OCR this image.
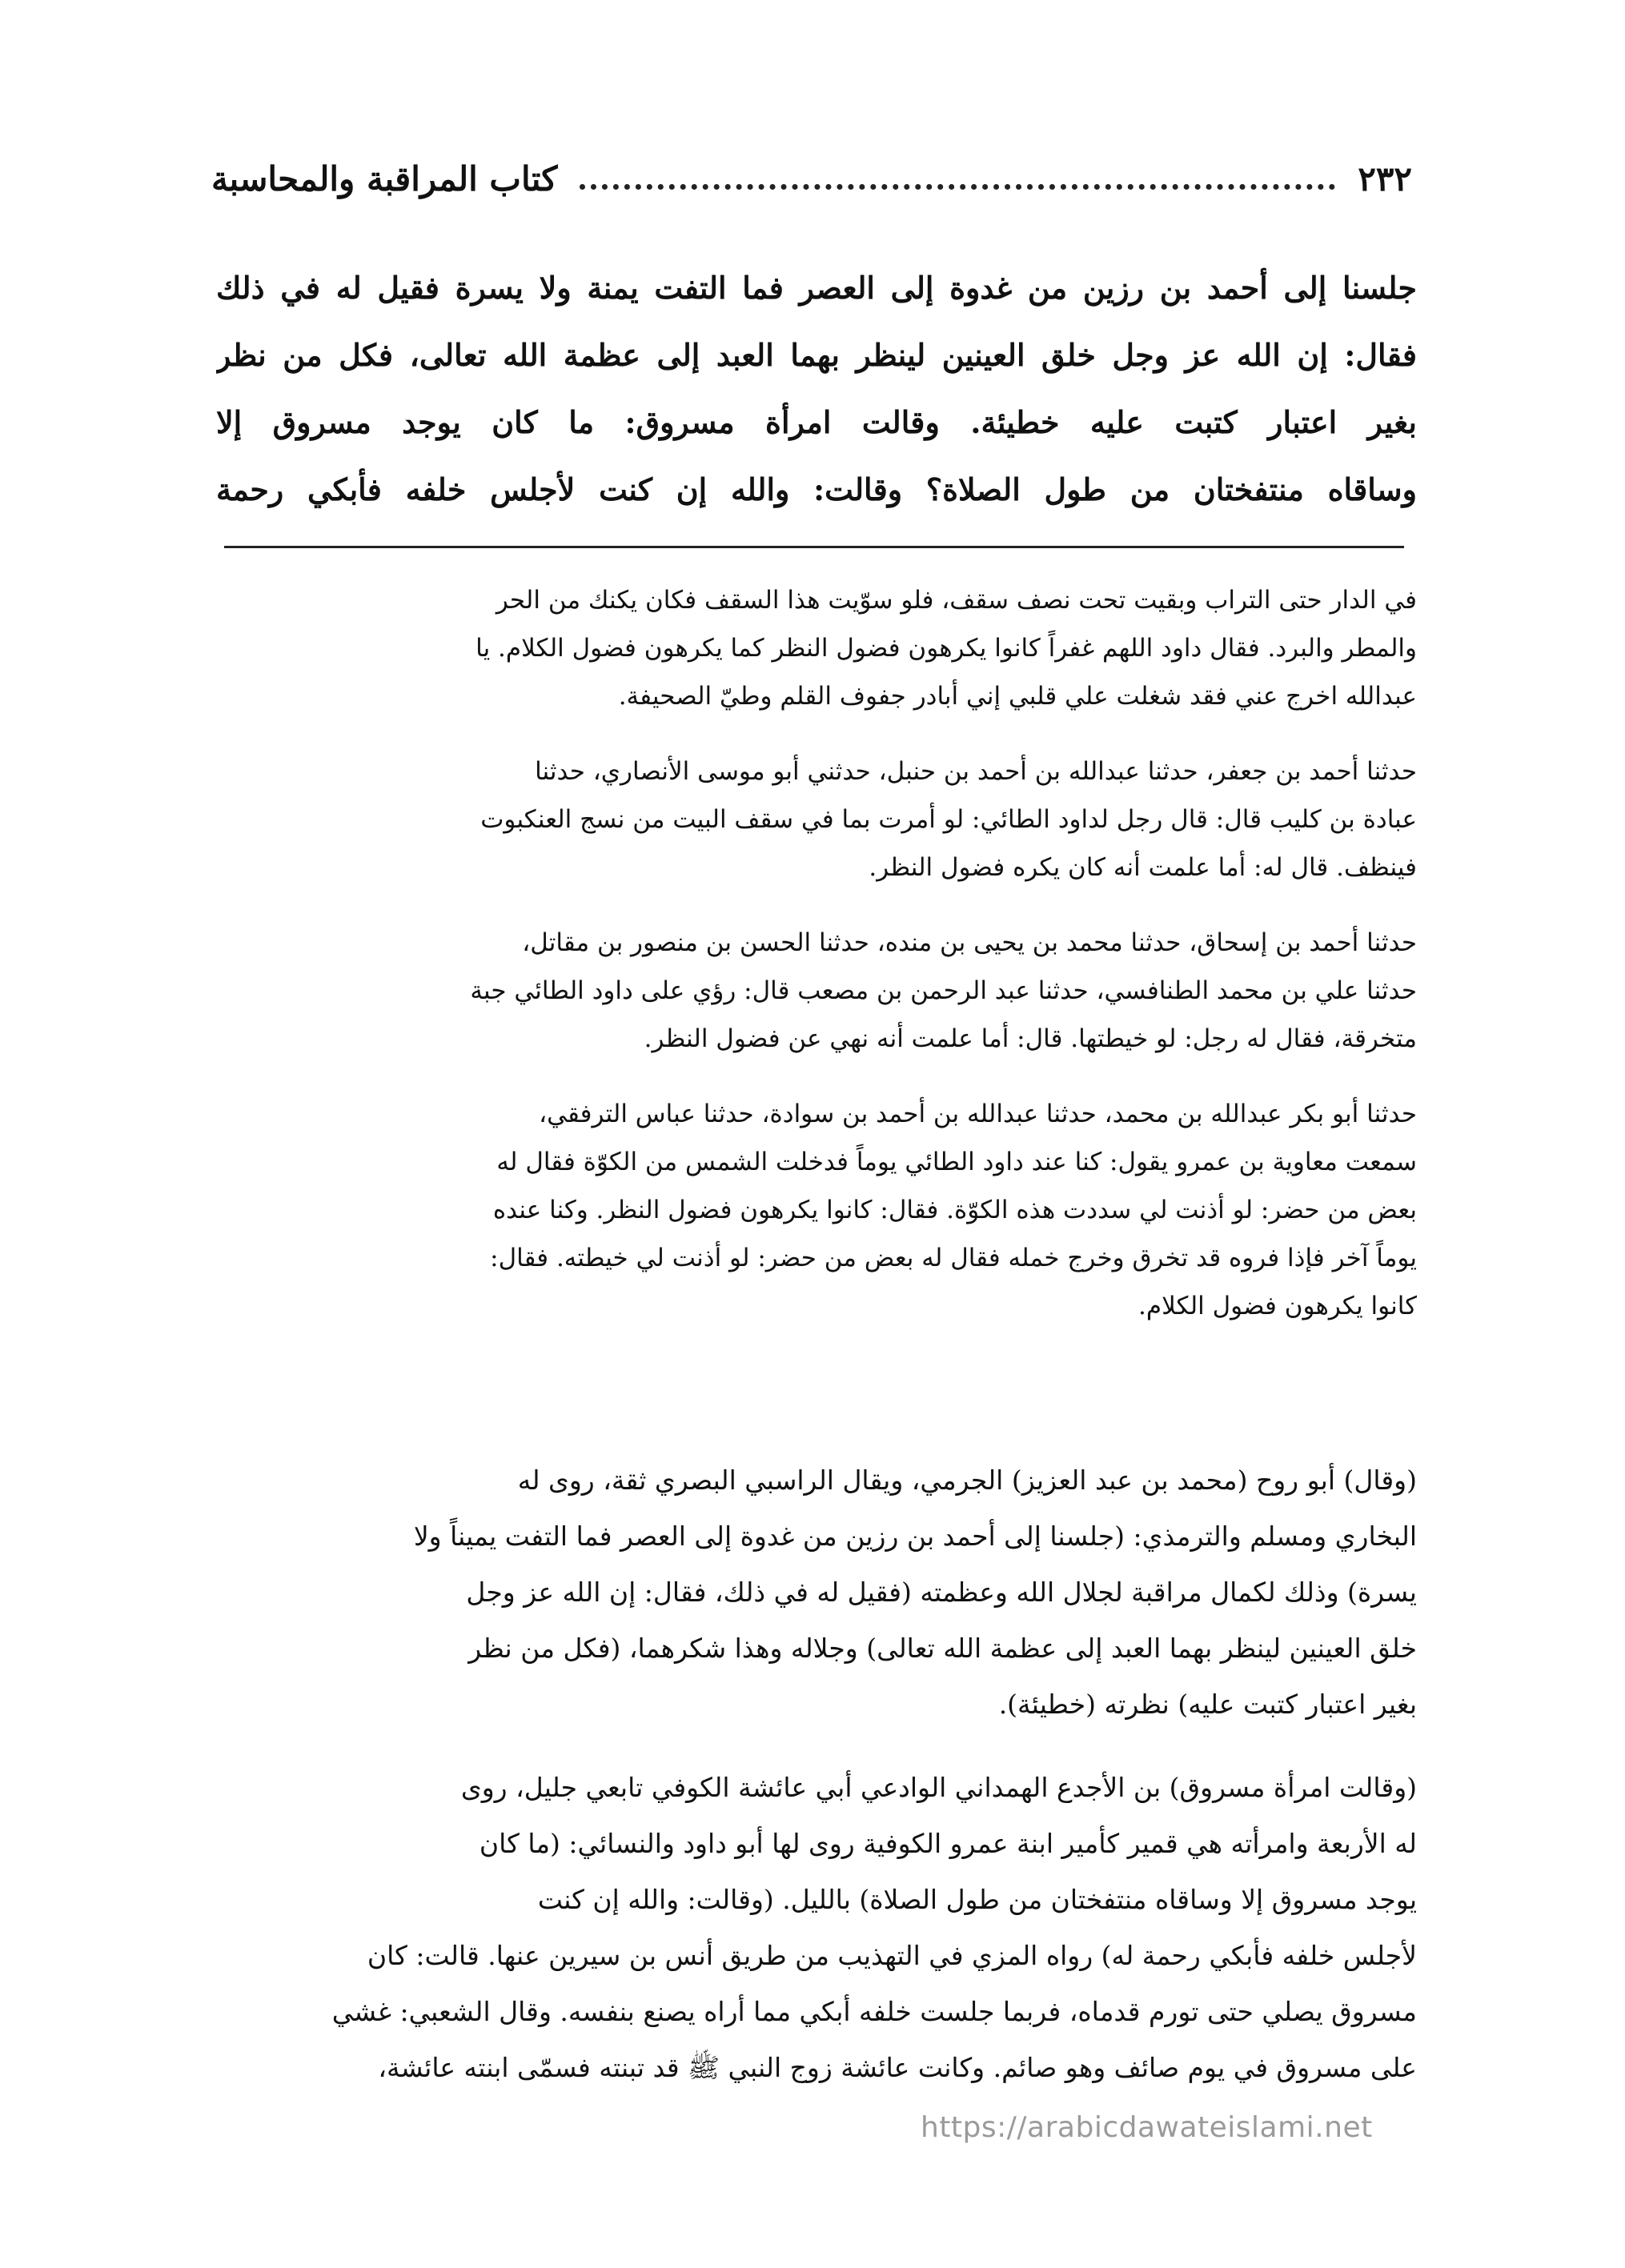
٢٣٢
كتاب المراقبة والمحاسبة

جلسنا إلى أحمد بن رزين من غدوة إلى العصر فما التفت يمنة ولا يسرة فقيل له في ذلك

فقال: إن الله عز وجل خلق العينين لينظر بهما العبد إلى عظمة الله تعالى، فكل من نظر

بغير اعتبار كتبت عليه خطيئة. وقالت امرأة مسروق: ما كان يوجد مسروق إلا

وساقاه منتفختان من طول الصلاة؟ وقالت: والله إن كنت لأجلس خلفه فأبكي رحمة

في الدار حتى التراب وبقيت تحت نصف سقف، فلو سوّيت هذا السقف فكان يكنك من الحر

والمطر والبرد. فقال داود اللهم غفراً كانوا يكرهون فضول النظر كما يكرهون فضول الكلام. يا

عبدالله اخرج عني فقد شغلت علي قلبي إني أبادر جفوف القلم وطيّ الصحيفة.

حدثنا أحمد بن جعفر، حدثنا عبدالله بن أحمد بن حنبل، حدثني أبو موسى الأنصاري، حدثنا

عبادة بن كليب قال: قال رجل لداود الطائي: لو أمرت بما في سقف البيت من نسج العنكبوت

فينظف. قال له: أما علمت أنه كان يكره فضول النظر.

حدثنا أحمد بن إسحاق، حدثنا محمد بن يحيى بن منده، حدثنا الحسن بن منصور بن مقاتل،

حدثنا علي بن محمد الطنافسي، حدثنا عبد الرحمن بن مصعب قال: رؤي على داود الطائي جبة

متخرقة، فقال له رجل: لو خيطتها. قال: أما علمت أنه نهي عن فضول النظر.

حدثنا أبو بكر عبدالله بن محمد، حدثنا عبدالله بن أحمد بن سوادة، حدثنا عباس الترفقي،

سمعت معاوية بن عمرو يقول: كنا عند داود الطائي يوماً فدخلت الشمس من الكوّة فقال له

بعض من حضر: لو أذنت لي سددت هذه الكوّة. فقال: كانوا يكرهون فضول النظر. وكنا عنده

يوماً آخر فإذا فروه قد تخرق وخرج خمله فقال له بعض من حضر: لو أذنت لي خيطته. فقال:

كانوا يكرهون فضول الكلام.

(وقال) أبو روح (محمد بن عبد العزيز) الجرمي، ويقال الراسبي البصري ثقة، روى له

البخاري ومسلم والترمذي: (جلسنا إلى أحمد بن رزين من غدوة إلى العصر فما التفت يميناً ولا

يسرة) وذلك لكمال مراقبة لجلال الله وعظمته (فقيل له في ذلك، فقال: إن الله عز وجل

خلق العينين لينظر بهما العبد إلى عظمة الله تعالى) وجلاله وهذا شكرهما، (فكل من نظر

بغير اعتبار كتبت عليه) نظرته (خطيئة).

(وقالت امرأة مسروق) بن الأجدع الهمداني الوادعي أبي عائشة الكوفي تابعي جليل، روى

له الأربعة وامرأته هي قمير كأمير ابنة عمرو الكوفية روى لها أبو داود والنسائي: (ما كان

يوجد مسروق إلا وساقاه منتفختان من طول الصلاة) بالليل. (وقالت: والله إن كنت

لأجلس خلفه فأبكي رحمة له) رواه المزي في التهذيب من طريق أنس بن سيرين عنها. قالت: كان

مسروق يصلي حتى تورم قدماه، فربما جلست خلفه أبكي مما أراه يصنع بنفسه. وقال الشعبي: غشي

على مسروق في يوم صائف وهو صائم. وكانت عائشة زوج النبي ﷺ قد تبنته فسمّى ابنته عائشة،

https://arabicdawateislami.net
